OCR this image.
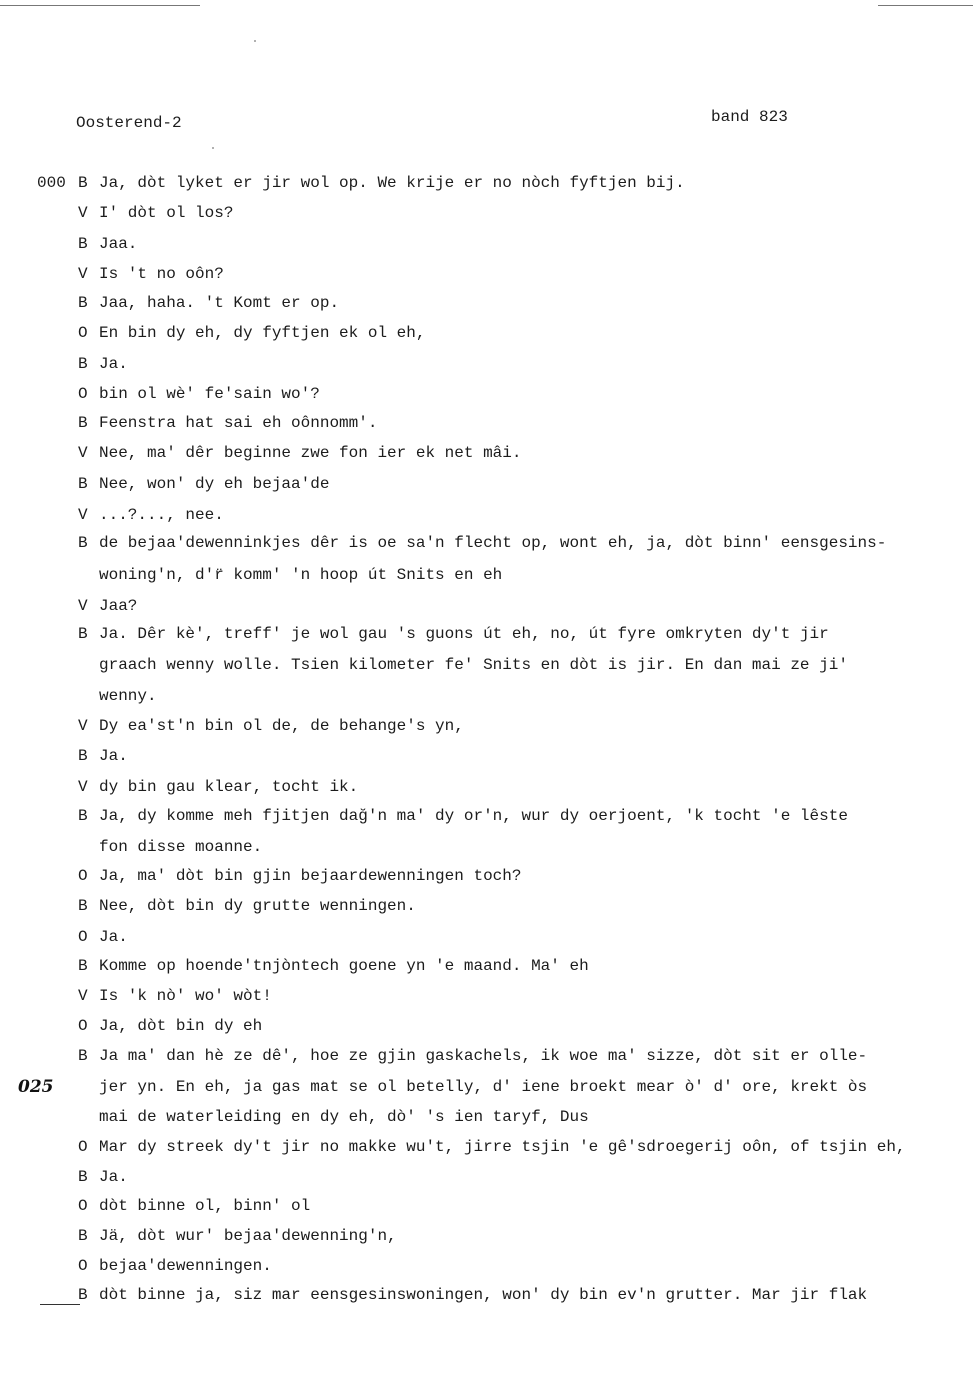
Oosterend-2	band 823
000
025
B Ja, dòt lyket er jir wol op. We krije er no nòch fyftjen bij.
V I' dòt ol los?
B Jaa.
V Is 't no oôn?
B Jaa, haha. 't Komt er op.
O En bin dy eh, dy fyftjen ek ol eh,
B Ja.
O bin ol wè' fe'sain wo'?
B Feenstra hat sai eh oônnomm'.
V Nee, ma' dêr beginne zwe fon ier ek net mâi.
B Nee, won' dy eh bejaa'de
V ...?..., nee.
B de bejaa'dewenninkjes dêr is oe sa'n flecht op, wont eh, ja, dòt binn' eensgesins-
woning'n, d'r̈ komm' 'n hoop út Snits en eh
V Jaa?
B Ja. Dêr kè', treff' je wol gau 's guons út eh, no, út fyre omkryten dy't jir
graach wenny wolle. Tsien kilometer fe' Snits en dòt is jir. En dan mai ze ji'
wenny.
V Dy ea'st'n bin ol de, de behange's yn,
B Ja.
V dy bin gau klear, tocht ik.
B Ja, dy komme meh fjitjen dağ'n ma' dy or'n, wur dy oerjoent, 'k tocht 'e lêste
fon disse moanne.
O Ja, ma' dòt bin gjin bejaardewenningen toch?
B Nee, dòt bin dy grutte wenningen.
O Ja.
B Komme op hoende'tnjòntech goene yn 'e maand. Ma' eh
V Is 'k nò' wo' wòt!
O Ja, dòt bin dy eh
B Ja ma' dan hè ze dê', hoe ze gjin gaskachels, ik woe ma' sizze, dòt sit er olle-
jer yn. En eh, ja gas mat se ol betelly, d' iene broekt mear ò' d' ore, krekt òs
mai de waterleiding en dy eh, dò' 's ien taryf, Dus
O Mar dy streek dy't jir no makke wu't, jirre tsjin 'e gê'sdroegerij oôn, of tsjin eh,
B Ja.
O dòt binne ol, binn' ol
B Jä, dòt wur' bejaa'dewenning'n,
O bejaa'dewenningen.
B dòt binne ja, siz mar eensgesinswoningen, won' dy bin ev'n grutter. Mar jir flak
